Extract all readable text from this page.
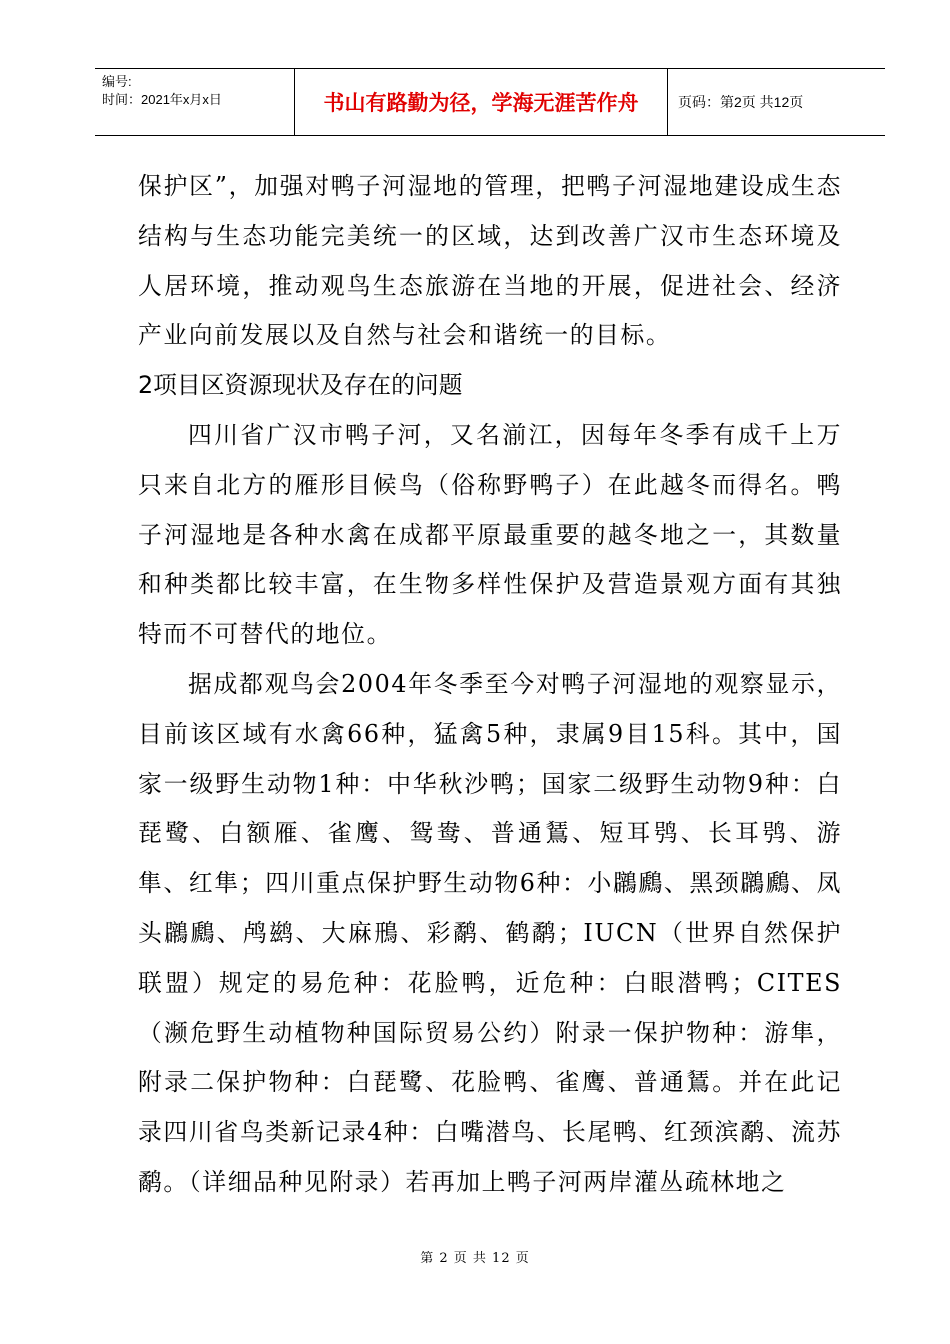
编号:
时间：2021年x月x日	书山有路勤为径，学海无涯苦作舟	页码：第2页 共12页

保护区”，加强对鸭子河湿地的管理，把鸭子河湿地建设成生态结构与生态功能完美统一的区域，达到改善广汉市生态环境及人居环境，推动观鸟生态旅游在当地的开展，促进社会、经济产业向前发展以及自然与社会和谐统一的目标。

2项目区资源现状及存在的问题

四川省广汉市鸭子河，又名湔江，因每年冬季有成千上万只来自北方的雁形目候鸟（俗称野鸭子）在此越冬而得名。鸭子河湿地是各种水禽在成都平原最重要的越冬地之一，其数量和种类都比较丰富，在生物多样性保护及营造景观方面有其独特而不可替代的地位。

据成都观鸟会2004年冬季至今对鸭子河湿地的观察显示，目前该区域有水禽66种，猛禽5种，隶属9目15科。其中，国家一级野生动物1种：中华秋沙鸭；国家二级野生动物9种：白琵鹭、白额雁、雀鹰、鸳鸯、普通鵟、短耳鸮、长耳鸮、游隼、红隼；四川重点保护野生动物6种：小鸊鷉、黑颈鸊鷉、凤头鸊鷉、鸬鹚、大麻鳽、彩鹬、鹤鹬；IUCN（世界自然保护联盟）规定的易危种：花脸鸭，近危种：白眼潜鸭；CITES（濒危野生动植物种国际贸易公约）附录一保护物种：游隼，附录二保护物种：白琵鹭、花脸鸭、雀鹰、普通鵟。并在此记录四川省鸟类新记录4种：白嘴潜鸟、长尾鸭、红颈滨鹬、流苏鹬。（详细品种见附录）若再加上鸭子河两岸灌丛疏林地之

第 2 页 共 12 页
